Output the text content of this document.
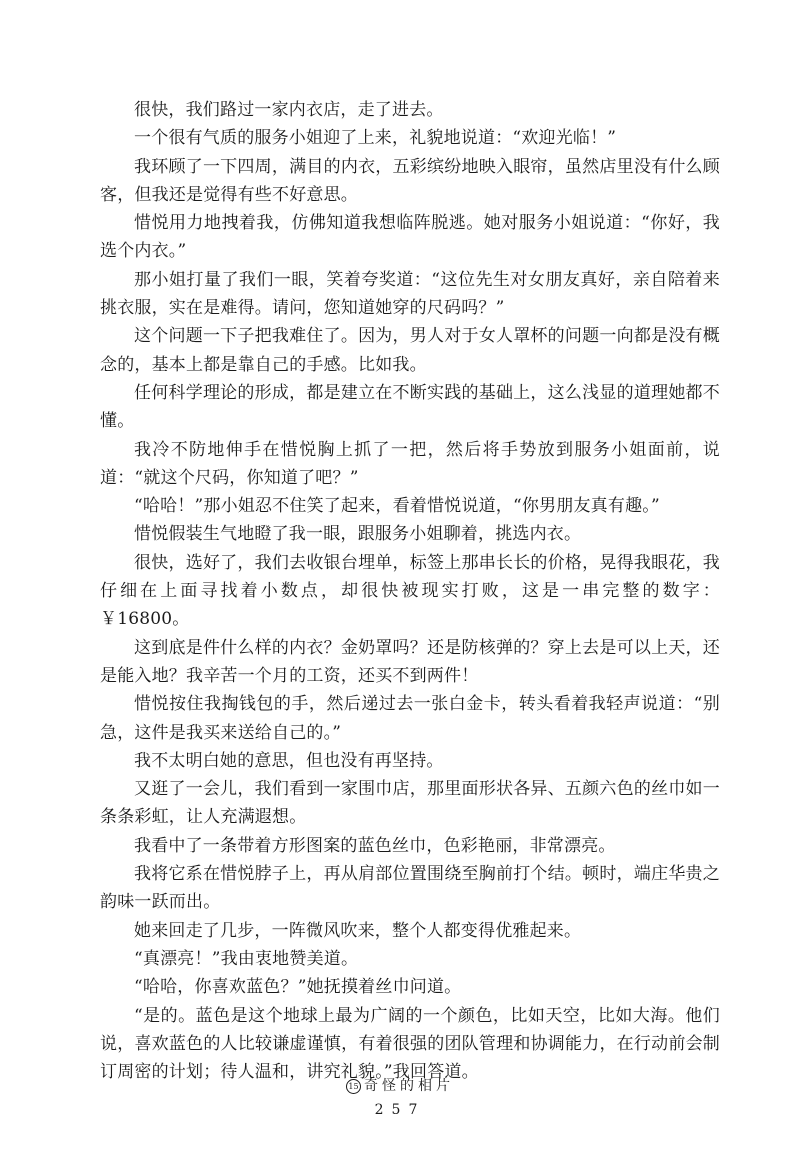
很快，我们路过一家内衣店，走了进去。

一个很有气质的服务小姐迎了上来，礼貌地说道：“欢迎光临！”

我环顾了一下四周，满目的内衣，五彩缤纷地映入眼帘，虽然店里没有什么顾客，但我还是觉得有些不好意思。

惜悦用力地拽着我，仿佛知道我想临阵脱逃。她对服务小姐说道：“你好，我选个内衣。”

那小姐打量了我们一眼，笑着夸奖道：“这位先生对女朋友真好，亲自陪着来挑衣服，实在是难得。请问，您知道她穿的尺码吗？”

这个问题一下子把我难住了。因为，男人对于女人罩杯的问题一向都是没有概念的，基本上都是靠自己的手感。比如我。

任何科学理论的形成，都是建立在不断实践的基础上，这么浅显的道理她都不懂。

我冷不防地伸手在惜悦胸上抓了一把，然后将手势放到服务小姐面前，说道：“就这个尺码，你知道了吧？”

“哈哈！”那小姐忍不住笑了起来，看着惜悦说道，“你男朋友真有趣。”

惜悦假装生气地瞪了我一眼，跟服务小姐聊着，挑选内衣。

很快，选好了，我们去收银台埋单，标签上那串长长的价格，晃得我眼花，我仔细在上面寻找着小数点，却很快被现实打败，这是一串完整的数字：￥16800。

这到底是件什么样的内衣？金奶罩吗？还是防核弹的？穿上去是可以上天，还是能入地？我辛苦一个月的工资，还买不到两件！

惜悦按住我掏钱包的手，然后递过去一张白金卡，转头看着我轻声说道：“别急，这件是我买来送给自己的。”

我不太明白她的意思，但也没有再坚持。

又逛了一会儿，我们看到一家围巾店，那里面形状各异、五颜六色的丝巾如一条条彩虹，让人充满遐想。

我看中了一条带着方形图案的蓝色丝巾，色彩艳丽，非常漂亮。

我将它系在惜悦脖子上，再从肩部位置围绕至胸前打个结。顿时，端庄华贵之韵味一跃而出。

她来回走了几步，一阵微风吹来，整个人都变得优雅起来。

“真漂亮！”我由衷地赞美道。

“哈哈，你喜欢蓝色？”她抚摸着丝巾问道。

“是的。蓝色是这个地球上最为广阔的一个颜色，比如天空，比如大海。他们说，喜欢蓝色的人比较谦虚谨慎，有着很强的团队管理和协调能力，在行动前会制订周密的计划；待人温和，讲究礼貌。”我回答道。

15 奇怪的相片
257
